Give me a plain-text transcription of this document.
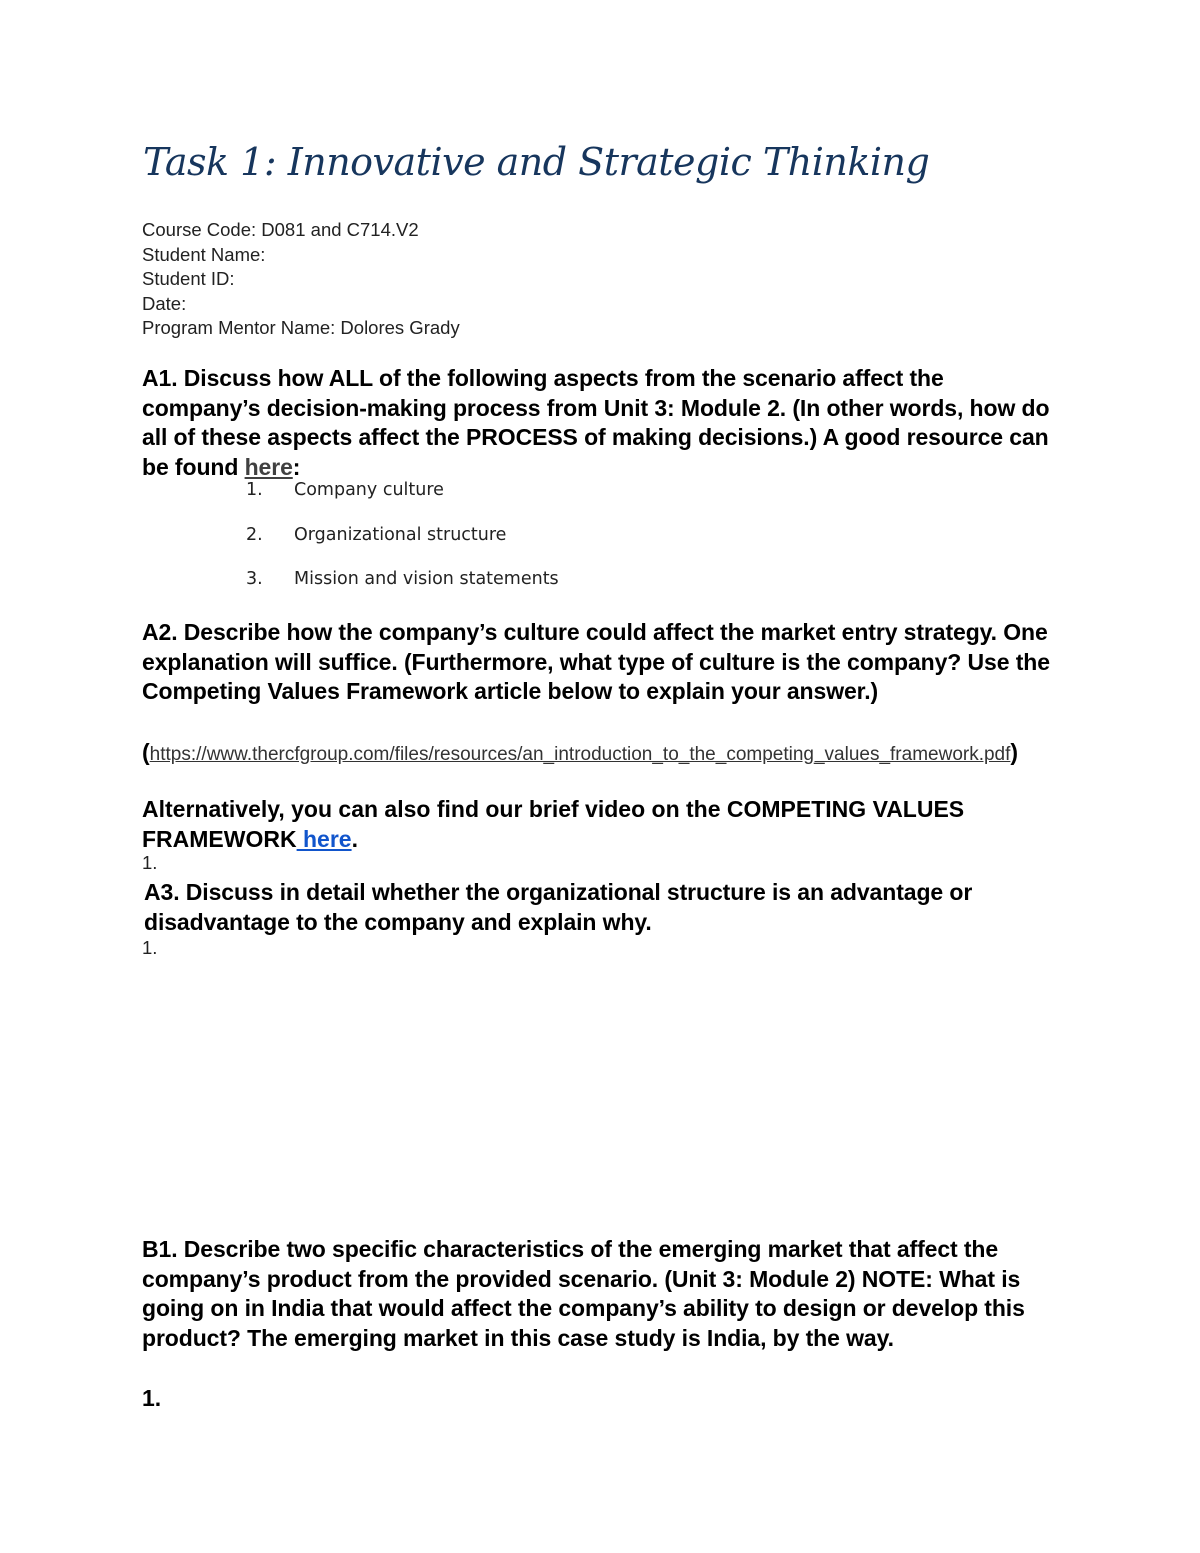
Task 1: Innovative and Strategic Thinking
Course Code: D081 and C714.V2
Student Name:
Student ID:
Date:
Program Mentor Name: Dolores Grady

A1. Discuss how ALL of the following aspects from the scenario affect the company’s decision-making process from Unit 3: Module 2. (In other words, how do all of these aspects affect the PROCESS of making decisions.) A good resource can be found here:

1. Company culture
2. Organizational structure
3. Mission and vision statements

A2. Describe how the company’s culture could affect the market entry strategy. One explanation will suffice. (Furthermore, what type of culture is the company? Use the Competing Values Framework article below to explain your answer.)

(https://www.thercfgroup.com/files/resources/an_introduction_to_the_competing_values_framework.pdf)

Alternatively, you can also find our brief video on the COMPETING VALUES FRAMEWORK here.

1.

A3. Discuss in detail whether the organizational structure is an advantage or disadvantage to the company and explain why.

1.

B1. Describe two specific characteristics of the emerging market that affect the company’s product from the provided scenario. (Unit 3: Module 2) NOTE: What is going on in India that would affect the company’s ability to design or develop this product? The emerging market in this case study is India, by the way.

1.
